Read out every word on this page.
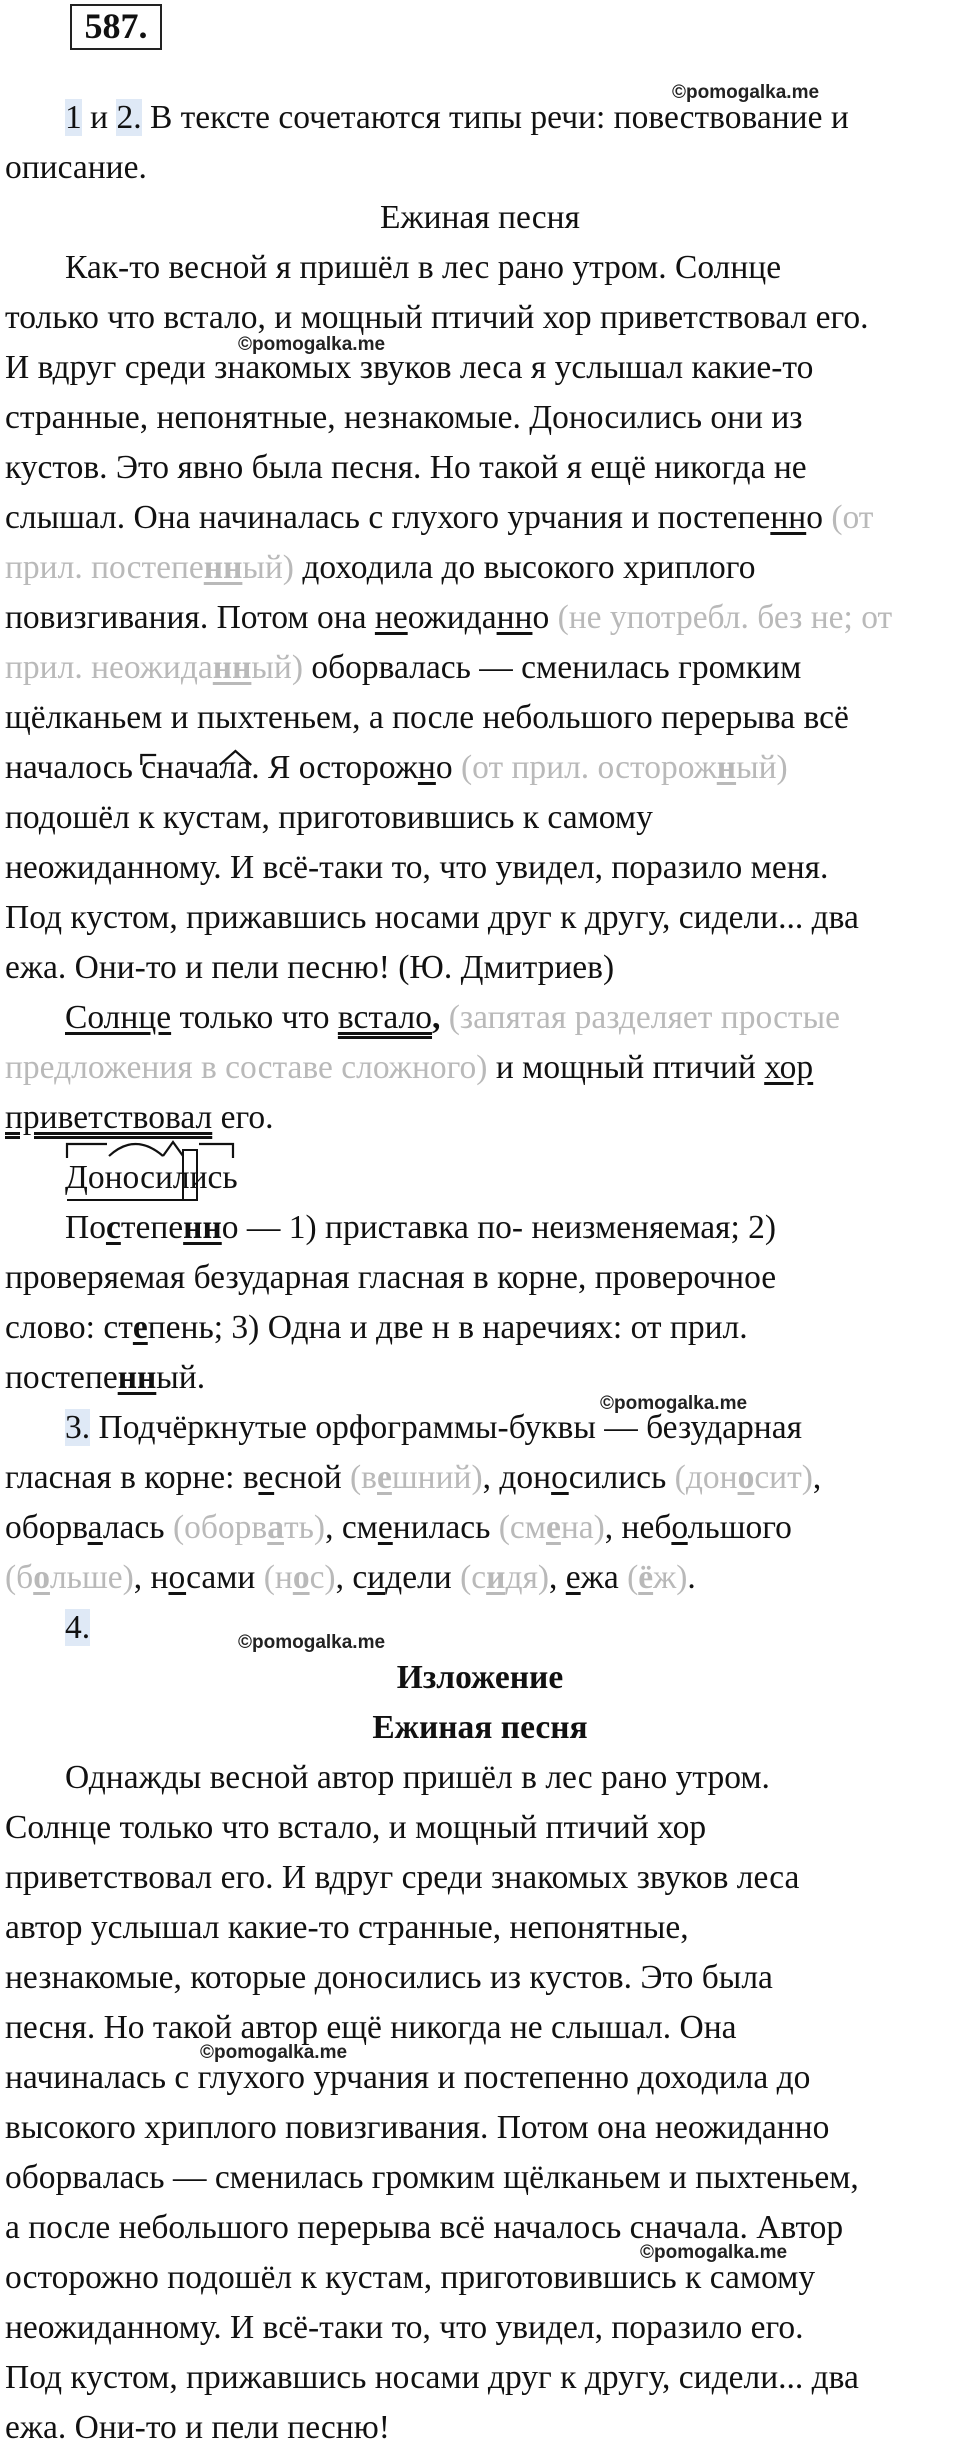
587.
©pomogalka.me
1 и 2. В тексте сочетаются типы речи: повествование и
описание.
Ежиная песня
Как-то весной я пришёл в лес рано утром. Солнце
только что встало, и мощный птичий хор приветствовал его.
©pomogalka.me
И вдруг среди знакомых звуков леса я услышал какие-то
странные, непонятные, незнакомые. Доносились они из
кустов. Это явно была песня. Но такой я ещё никогда не
слышал. Она начиналась с глухого урчания и постепенно (от
прил. постепенный) доходила до высокого хриплого
повизгивания. Потом она неожиданно (не употребл. без не; от
прил. неожиданный) оборвалась — сменилась громким
щёлканьем и пыхтеньем, а после небольшого перерыва всё
началось сначала. Я осторожно (от прил. осторожный)
подошёл к кустам, приготовившись к самому
неожиданному. И всё-таки то, что увидел, поразило меня.
Под кустом, прижавшись носами друг к другу, сидели... два
ежа. Они-то и пели песню! (Ю. Дмитриев)
Солнце только что встало, (запятая разделяет простые
предложения в составе сложного) и мощный птичий хор
приветствовал его.
Доносились
Постепенно — 1) приставка по- неизменяемая; 2)
проверяемая безударная гласная в корне, проверочное
слово: степень; 3) Одна и две н в наречиях: от прил.
постепенный.
©pomogalka.me
3. Подчёркнутые орфограммы-буквы — безударная
гласная в корне: весной (вешний), доносились (доносит),
оборвалась (оборвать), сменилась (смена), небольшого
(больше), носами (нос), сидели (сидя), ежа (ёж).
4.	©pomogalka.me
Изложение
Ежиная песня
Однажды весной автор пришёл в лес рано утром.
Солнце только что встало, и мощный птичий хор
приветствовал его. И вдруг среди знакомых звуков леса
автор услышал какие-то странные, непонятные,
незнакомые, которые доносились из кустов. Это была
песня. Но такой автор ещё никогда не слышал. Она
©pomogalka.me
начиналась с глухого урчания и постепенно доходила до
высокого хриплого повизгивания. Потом она неожиданно
оборвалась — сменилась громким щёлканьем и пыхтеньем,
а после небольшого перерыва всё началось сначала. Автор
©pomogalka.me
осторожно подошёл к кустам, приготовившись к самому
неожиданному. И всё-таки то, что увидел, поразило его.
Под кустом, прижавшись носами друг к другу, сидели... два
ежа. Они-то и пели песню!
